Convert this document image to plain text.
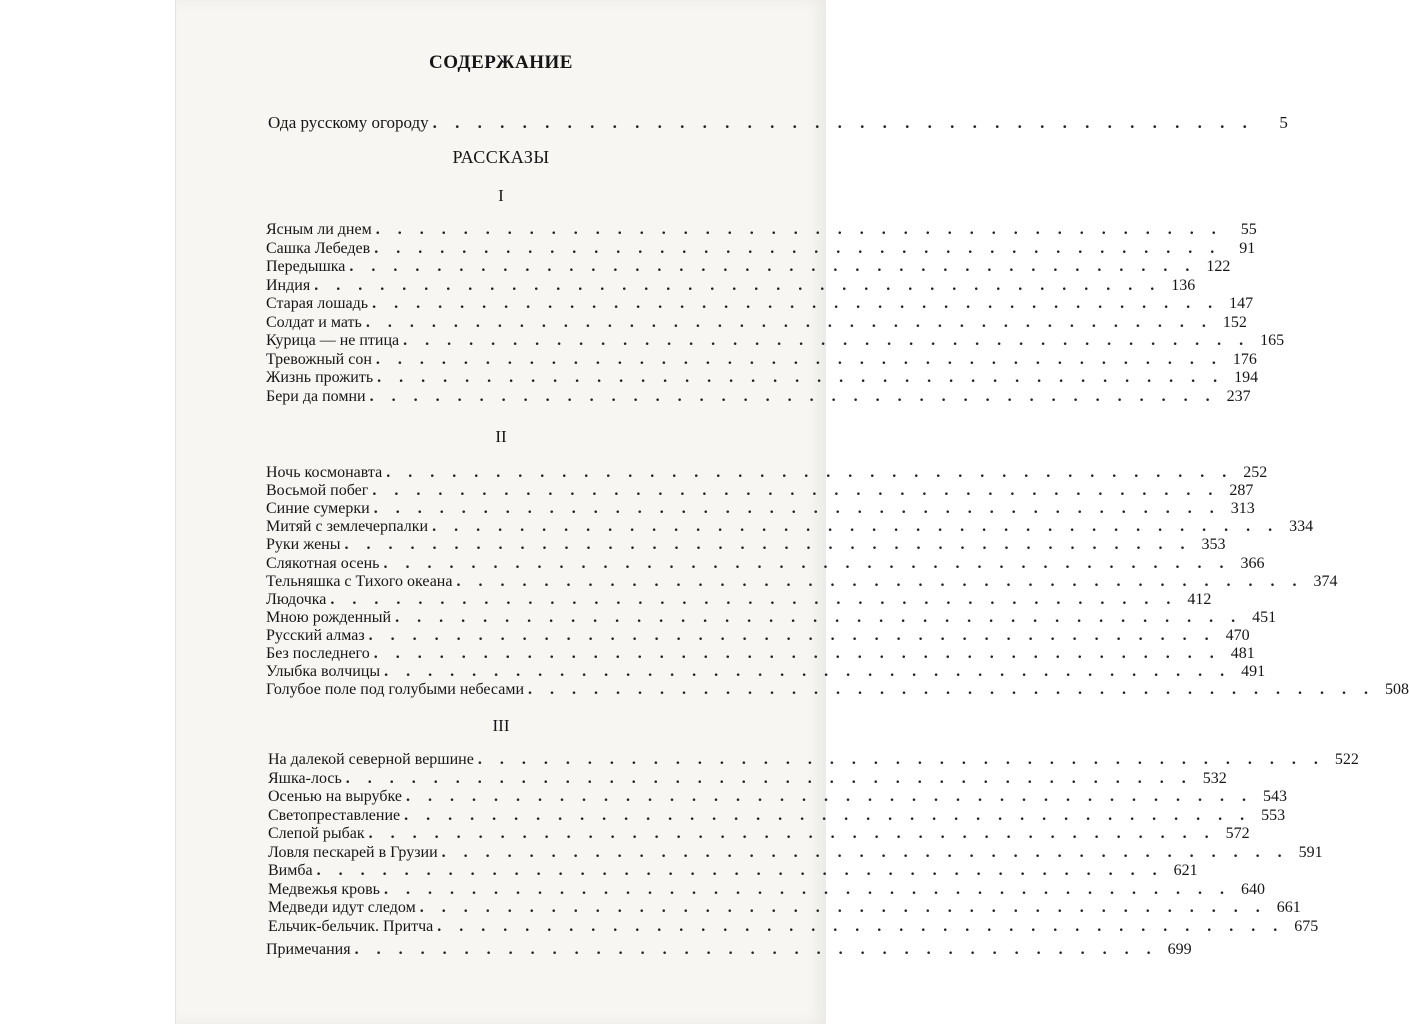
СОДЕРЖАНИЕ
Ода русскому огороду . . . . . . . . . . . . . . . . . . . . . . . . . . . . . . . . . . . . .	5
РАССКАЗЫ
I
Ясным ли днем . . . . . . . . . . . . . . . . . . . . . . . . . . . . . . . . . . . . . . .	55
Сашка Лебедев . . . . . . . . . . . . . . . . . . . . . . . . . . . . . . . . . . . . . . .	91
Передышка . . . . . . . . . . . . . . . . . . . . . . . . . . . . . . . . . . . . . . . 122
Индия . . . . . . . . . . . . . . . . . . . . . . . . . . . . . . . . . . . . . . . 136
Старая лошадь . . . . . . . . . . . . . . . . . . . . . . . . . . . . . . . . . . . . . . . 147
Солдат и мать . . . . . . . . . . . . . . . . . . . . . . . . . . . . . . . . . . . . . . . 152
Курица — не птица . . . . . . . . . . . . . . . . . . . . . . . . . . . . . . . . . . . . . . . 165
Тревожный сон . . . . . . . . . . . . . . . . . . . . . . . . . . . . . . . . . . . . . . . 176
Жизнь прожить . . . . . . . . . . . . . . . . . . . . . . . . . . . . . . . . . . . . . . . 194
Бери да помни . . . . . . . . . . . . . . . . . . . . . . . . . . . . . . . . . . . . . . . 237
II
Ночь космонавта . . . . . . . . . . . . . . . . . . . . . . . . . . . . . . . . . . . . . . . 252
Восьмой побег . . . . . . . . . . . . . . . . . . . . . . . . . . . . . . . . . . . . . . . 287
Синие сумерки . . . . . . . . . . . . . . . . . . . . . . . . . . . . . . . . . . . . . . . 313
Митяй с землечерпалки . . . . . . . . . . . . . . . . . . . . . . . . . . . . . . . . . . . . . . . 334
Руки жены . . . . . . . . . . . . . . . . . . . . . . . . . . . . . . . . . . . . . . . 353
Слякотная осень . . . . . . . . . . . . . . . . . . . . . . . . . . . . . . . . . . . . . . . 366
Тельняшка с Тихого океана . . . . . . . . . . . . . . . . . . . . . . . . . . . . . . . . . . . . . . . 374
Людочка . . . . . . . . . . . . . . . . . . . . . . . . . . . . . . . . . . . . . . . 412
Мною рожденный . . . . . . . . . . . . . . . . . . . . . . . . . . . . . . . . . . . . . . . 451
Русский алмаз . . . . . . . . . . . . . . . . . . . . . . . . . . . . . . . . . . . . . . . 470
Без последнего . . . . . . . . . . . . . . . . . . . . . . . . . . . . . . . . . . . . . . . 481
Улыбка волчицы . . . . . . . . . . . . . . . . . . . . . . . . . . . . . . . . . . . . . . . 491
Голубое поле под голубыми небесами . . . . . . . . . . . . . . . . . . . . . . . . . . . . . . . . . . . . . . . 508
III
На далекой северной вершине . . . . . . . . . . . . . . . . . . . . . . . . . . . . . . . . . . . . . . . 522
Яшка-лось . . . . . . . . . . . . . . . . . . . . . . . . . . . . . . . . . . . . . . . 532
Осенью на вырубке . . . . . . . . . . . . . . . . . . . . . . . . . . . . . . . . . . . . . . . 543
Светопреставление . . . . . . . . . . . . . . . . . . . . . . . . . . . . . . . . . . . . . . . 553
Слепой рыбак . . . . . . . . . . . . . . . . . . . . . . . . . . . . . . . . . . . . . . . 572
Ловля пескарей в Грузии . . . . . . . . . . . . . . . . . . . . . . . . . . . . . . . . . . . . . . . 591
Вимба . . . . . . . . . . . . . . . . . . . . . . . . . . . . . . . . . . . . . . . 621
Медвежья кровь . . . . . . . . . . . . . . . . . . . . . . . . . . . . . . . . . . . . . . . 640
Медведи идут следом . . . . . . . . . . . . . . . . . . . . . . . . . . . . . . . . . . . . . . . 661
Ельчик-бельчик. Притча . . . . . . . . . . . . . . . . . . . . . . . . . . . . . . . . . . . . . . . 675
Примечания . . . . . . . . . . . . . . . . . . . . . . . . . . . . . . . . . . . . . 699
